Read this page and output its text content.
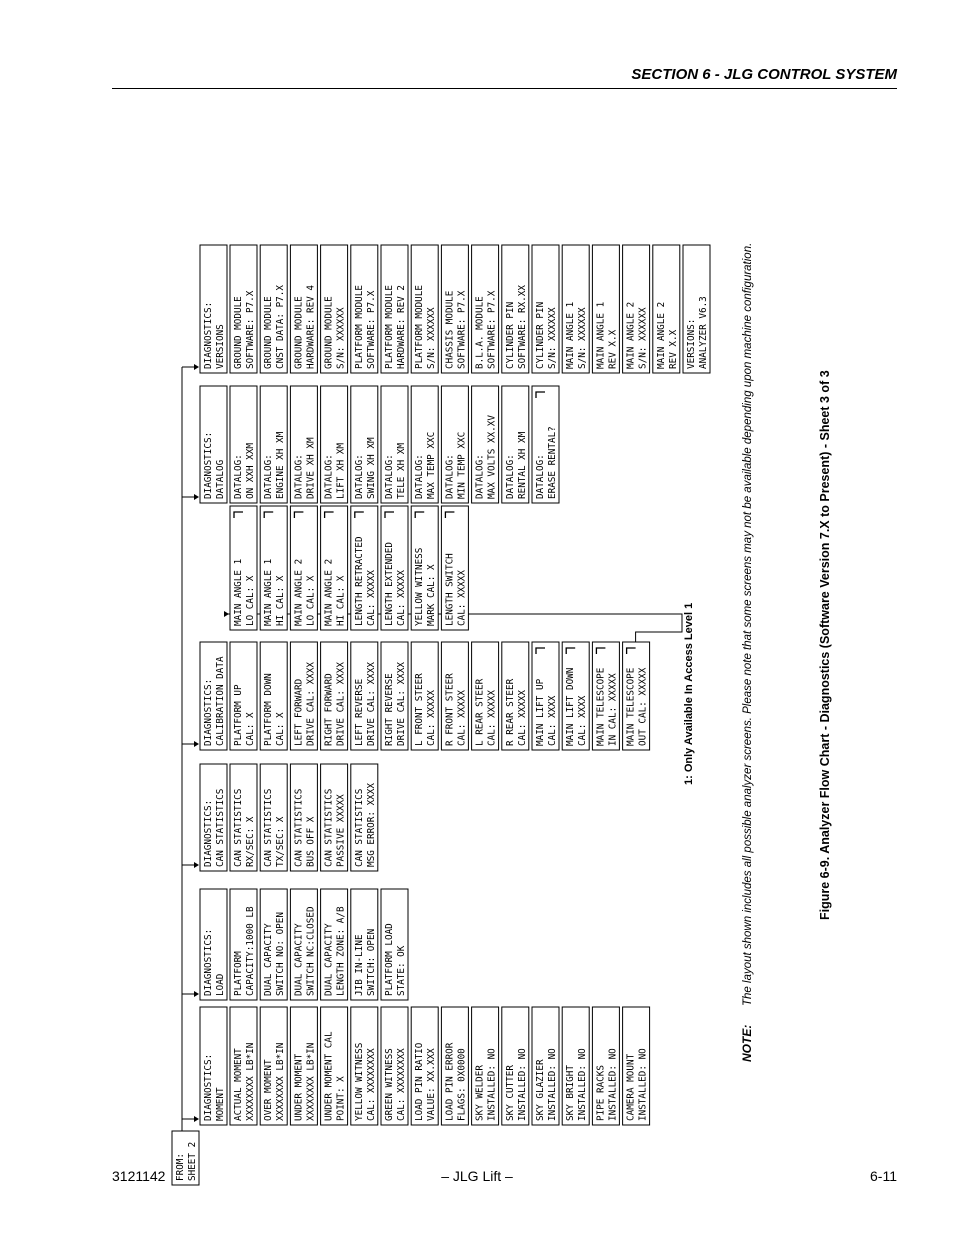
SECTION 6 - JLG CONTROL SYSTEM
FROM: SHEET 2
DIAGNOSTICS: MOMENT ACTUAL MOMENT XXXXXXXX LB*IN OVER MOMENT XXXXXXXX LB*IN UNDER MOMENT XXXXXXXX LB*IN UNDER MOMENT CAL POINT: X YELLOW WITNESS CAL: XXXXXXXX GREEN WITNESS CAL: XXXXXXXX LOAD PIN RATIO VALUE: XX.XXX LOAD PIN ERROR FLAGS: 0X0000 SKY WELDER INSTALLED: NO SKY CUTTER INSTALLED: NO SKY GLAZIER INSTALLED: NO SKY BRIGHT INSTALLED: NO PIPE RACKS INSTALLED: NO CAMERA MOUNT INSTALLED: NO
DIAGNOSTICS: LOAD PLATFORM CAPACITY:1000 LB DUAL CAPACITY SWITCH NO: OPEN DUAL CAPACITY SWITCH NC:CLOSED DUAL CAPACITY LENGTH ZONE: A/B JIB IN-LINE SWITCH: OPEN PLATFORM LOAD STATE: OK
DIAGNOSTICS: CAN STATISTICS CAN STATISTICS RX/SEC: X CAN STATISTICS TX/SEC: X CAN STATISTICS BUS OFF X CAN STATISTICS PASSIVE XXXXX CAN STATISTICS MSG ERROR: XXXX
DIAGNOSTICS: CALIBRATION DATA PLATFORM UP CAL: X PLATFORM DOWN CAL: X LEFT FORWARD DRIVE CAL: XXXX RIGHT FORWARD DRIVE CAL: XXXX LEFT REVERSE DRIVE CAL: XXXX RIGHT REVERSE DRIVE CAL: XXXX L FRONT STEER CAL: XXXXX R FRONT STEER CAL: XXXXX L REAR STEER CAL: XXXXX R REAR STEER CAL: XXXXX MAIN LIFT UP CAL: XXXX MAIN LIFT DOWN CAL: XXXX MAIN TELESCOPE IN CAL: XXXXX MAIN TELESCOPE OUT CAL: XXXXX
MAIN ANGLE 1 LO CAL: X MAIN ANGLE 1 HI CAL: X MAIN ANGLE 2 LO CAL: X MAIN ANGLE 2 HI CAL: X LENGTH RETRACTED CAL: XXXXX LENGTH EXTENDED CAL: XXXXX YELLOW WITNESS MARK CAL: X LENGTH SWITCH CAL: XXXXX
DIAGNOSTICS: DATALOG DATALOG: ON XXH XXM DATALOG: ENGINE XH XM DATALOG: DRIVE XH XM DATALOG: LIFT XH XM DATALOG: SWING XH XM DATALOG: TELE XH XM DATALOG: MAX TEMP XXC DATALOG: MIN TEMP XXC DATALOG: MAX VOLTS XX.XV DATALOG: RENTAL XH XM DATALOG: ERASE RENTAL?
DIAGNOSTICS: VERSIONS GROUND MODULE SOFTWARE: P7.X GROUND MODULE CNST DATA: P7.X GROUND MODULE HARDWARE: REV 4 GROUND MODULE S/N: XXXXXX PLATFORM MODULE SOFTWARE: P7.X PLATFORM MODULE HARDWARE: REV 2 PLATFORM MODULE S/N: XXXXXX CHASSIS MODULE SOFTWARE: P7.X B.L.A. MODULE SOFTWARE: P7.X CYLINDER PIN SOFTWARE: RX.XX CYLINDER PIN S/N: XXXXXX MAIN ANGLE 1 S/N: XXXXXX MAIN ANGLE 1 REV X.X MAIN ANGLE 2 S/N: XXXXXX MAIN ANGLE 2 REV X.X VERSIONS: ANALYZER V6.3
1: Only Available In Access Level 1
NOTE:
The layout shown includes all possible analyzer screens. Please note that some screens may not be available depending upon machine configuration.	Figure 6-9. Analyzer Flow Chart - Diagnostics (Software Version 7.X to Present) - Sheet 3 of 3
3121142	– JLG Lift –	6-11
